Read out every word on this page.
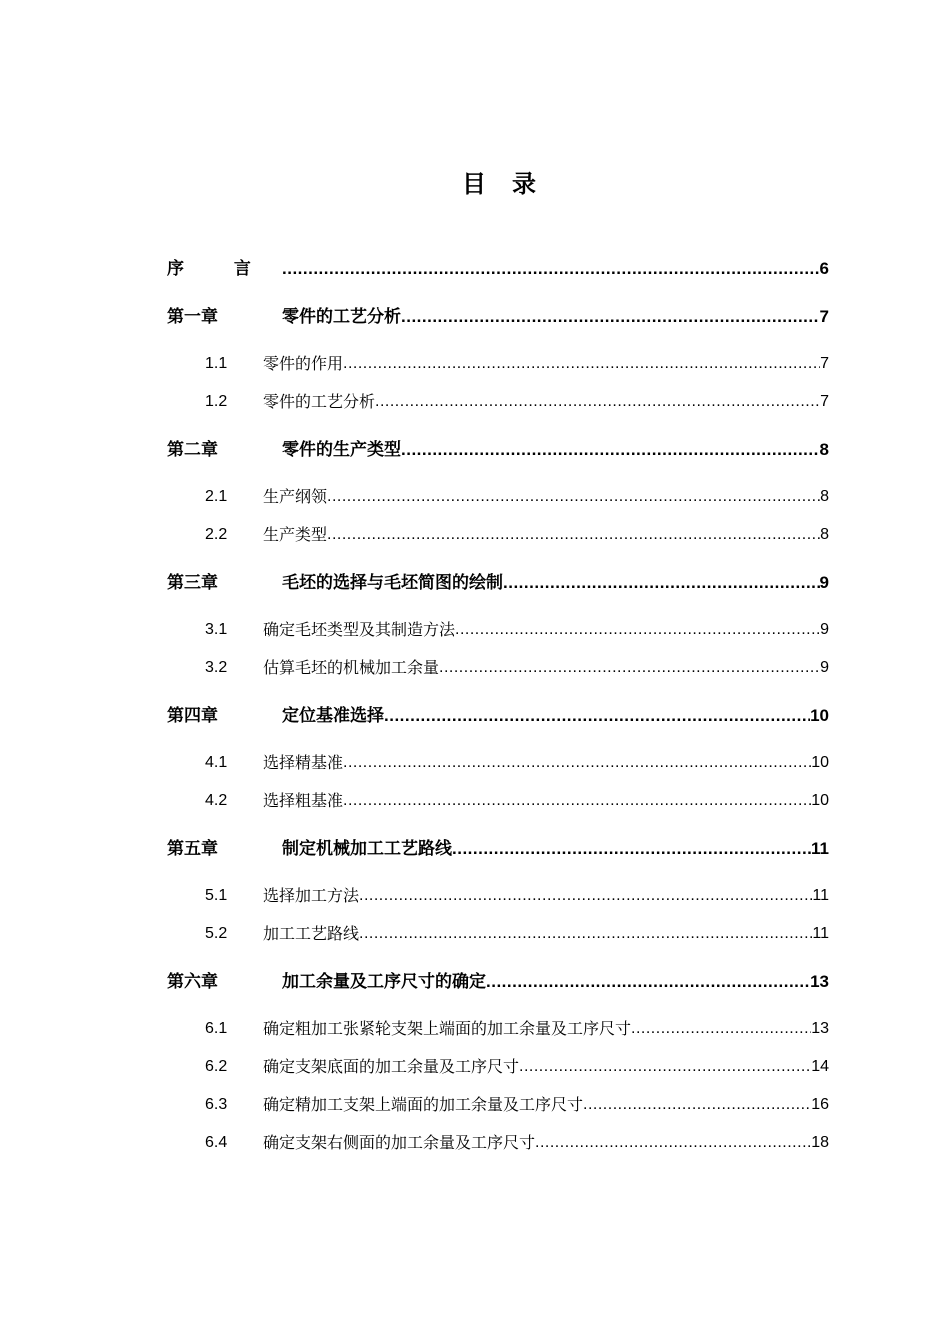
目 录
序 言 .....	6
第一章	零件的工艺分析 .....	7
1.1	零件的作用 .....	7
1.2	零件的工艺分析 .....	7
第二章	零件的生产类型 .....	8
2.1	生产纲领 .....	8
2.2	生产类型 .....	8
第三章	毛坯的选择与毛坯简图的绘制 .....	9
3.1	确定毛坯类型及其制造方法 .....	9
3.2	估算毛坯的机械加工余量 .....	9
第四章	定位基准选择 .....	10
4.1	选择精基准 .....	10
4.2	选择粗基准 .....	10
第五章	制定机械加工工艺路线 .....	11
5.1	选择加工方法 .....	11
5.2	加工工艺路线 .....	11
第六章	加工余量及工序尺寸的确定 .....	13
6.1	确定粗加工张紧轮支架上端面的加工余量及工序尺寸 .....	13
6.2	确定支架底面的加工余量及工序尺寸 .....	14
6.3	确定精加工支架上端面的加工余量及工序尺寸 .....	16
6.4	确定支架右侧面的加工余量及工序尺寸 .....	18
